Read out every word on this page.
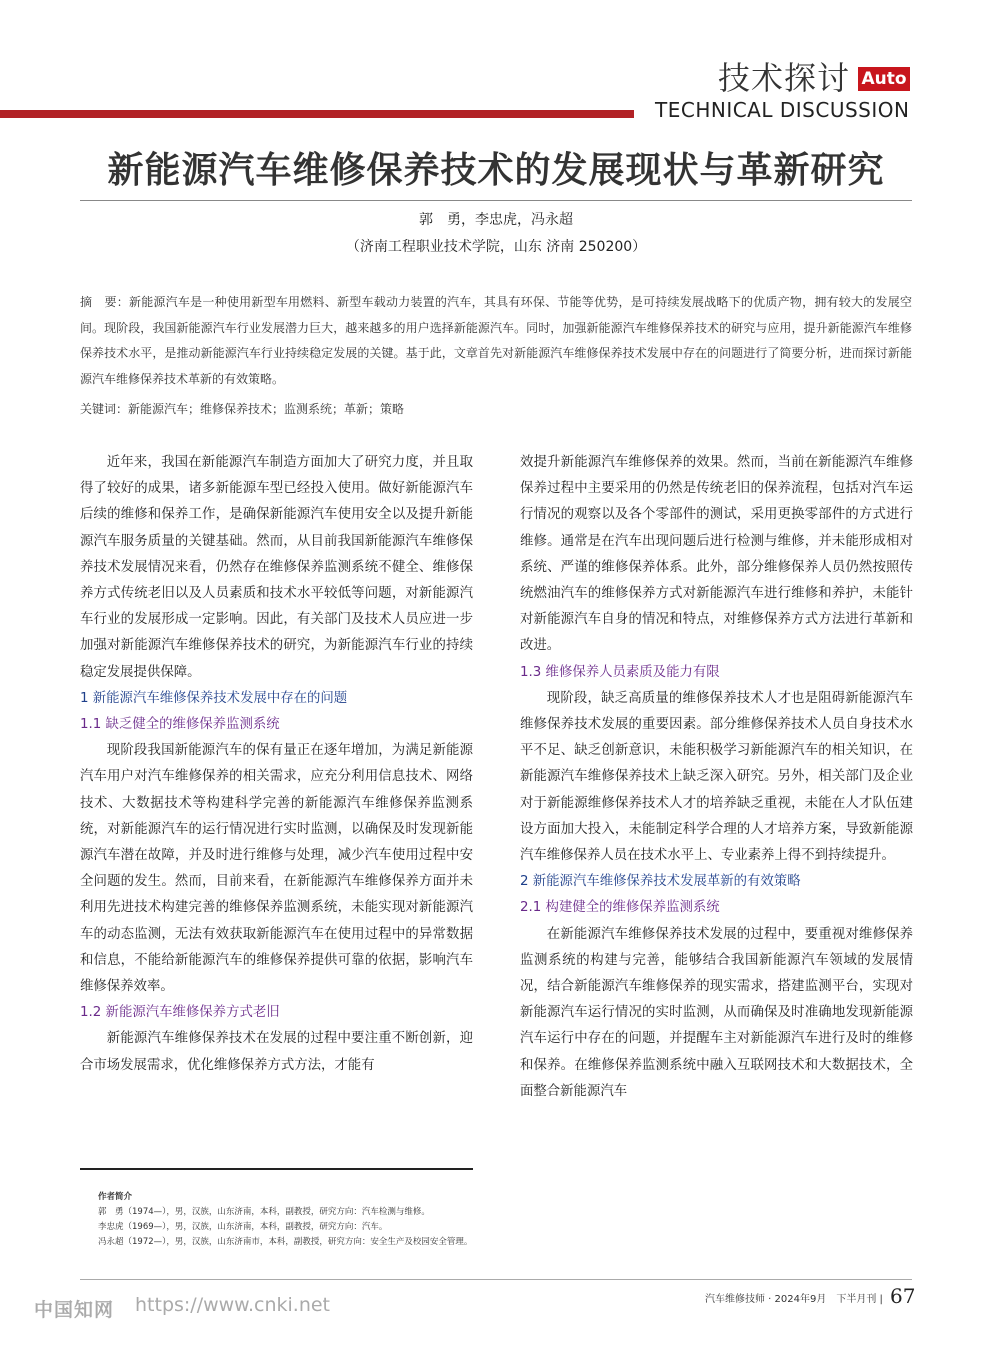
技术探讨 Auto
TECHNICAL DISCUSSION
新能源汽车维修保养技术的发展现状与革新研究
郭　勇，李忠虎，冯永超
（济南工程职业技术学院，山东 济南 250200）
摘　要：新能源汽车是一种使用新型车用燃料、新型车载动力装置的汽车，其具有环保、节能等优势，是可持续发展战略下的优质产物，拥有较大的发展空间。现阶段，我国新能源汽车行业发展潜力巨大，越来越多的用户选择新能源汽车。同时，加强新能源汽车维修保养技术的研究与应用，提升新能源汽车维修保养技术水平，是推动新能源汽车行业持续稳定发展的关键。基于此，文章首先对新能源汽车维修保养技术发展中存在的问题进行了简要分析，进而探讨新能源汽车维修保养技术革新的有效策略。
关键词：新能源汽车；维修保养技术；监测系统；革新；策略

近年来，我国在新能源汽车制造方面加大了研究力度，并且取得了较好的成果，诸多新能源车型已经投入使用。做好新能源汽车后续的维修和保养工作，是确保新能源汽车使用安全以及提升新能源汽车服务质量的关键基础。然而，从目前我国新能源汽车维修保养技术发展情况来看，仍然存在维修保养监测系统不健全、维修保养方式传统老旧以及人员素质和技术水平较低等问题，对新能源汽车行业的发展形成一定影响。因此，有关部门及技术人员应进一步加强对新能源汽车维修保养技术的研究，为新能源汽车行业的持续稳定发展提供保障。

1 新能源汽车维修保养技术发展中存在的问题

1.1 缺乏健全的维修保养监测系统

现阶段我国新能源汽车的保有量正在逐年增加，为满足新能源汽车用户对汽车维修保养的相关需求，应充分利用信息技术、网络技术、大数据技术等构建科学完善的新能源汽车维修保养监测系统，对新能源汽车的运行情况进行实时监测，以确保及时发现新能源汽车潜在故障，并及时进行维修与处理，减少汽车使用过程中安全问题的发生。然而，目前来看，在新能源汽车维修保养方面并未利用先进技术构建完善的维修保养监测系统，未能实现对新能源汽车的动态监测，无法有效获取新能源汽车在使用过程中的异常数据和信息，不能给新能源汽车的维修保养提供可靠的依据，影响汽车维修保养效率。

1.2 新能源汽车维修保养方式老旧

新能源汽车维修保养技术在发展的过程中要注重不断创新，迎合市场发展需求，优化维修保养方式方法，才能有

效提升新能源汽车维修保养的效果。然而，当前在新能源汽车维修保养过程中主要采用的仍然是传统老旧的保养流程，包括对汽车运行情况的观察以及各个零部件的测试，采用更换零部件的方式进行维修。通常是在汽车出现问题后进行检测与维修，并未能形成相对系统、严谨的维修保养体系。此外，部分维修保养人员仍然按照传统燃油汽车的维修保养方式对新能源汽车进行维修和养护，未能针对新能源汽车自身的情况和特点，对维修保养方式方法进行革新和改进。

1.3 维修保养人员素质及能力有限

现阶段，缺乏高质量的维修保养技术人才也是阻碍新能源汽车维修保养技术发展的重要因素。部分维修保养技术人员自身技术水平不足、缺乏创新意识，未能积极学习新能源汽车的相关知识，在新能源汽车维修保养技术上缺乏深入研究。另外，相关部门及企业对于新能源维修保养技术人才的培养缺乏重视，未能在人才队伍建设方面加大投入，未能制定科学合理的人才培养方案，导致新能源汽车维修保养人员在技术水平上、专业素养上得不到持续提升。

2 新能源汽车维修保养技术发展革新的有效策略

2.1 构建健全的维修保养监测系统

在新能源汽车维修保养技术发展的过程中，要重视对维修保养监测系统的构建与完善，能够结合我国新能源汽车领域的发展情况，结合新能源汽车维修保养的现实需求，搭建监测平台，实现对新能源汽车运行情况的实时监测，从而确保及时准确地发现新能源汽车运行中存在的问题，并提醒车主对新能源汽车进行及时的维修和保养。在维修保养监测系统中融入互联网技术和大数据技术，全面整合新能源汽车

作者简介
郭　勇（1974—），男，汉族，山东济南，本科，副教授，研究方向：汽车检测与维修。
李忠虎（1969—），男，汉族，山东济南，本科，副教授，研究方向：汽车。
冯永超（1972—），男，汉族，山东济南市，本科，副教授，研究方向：安全生产及校园安全管理。
中国知网 https://www.cnki.net	汽车维修技师 · 2024年9月　下半月刊 | 67
